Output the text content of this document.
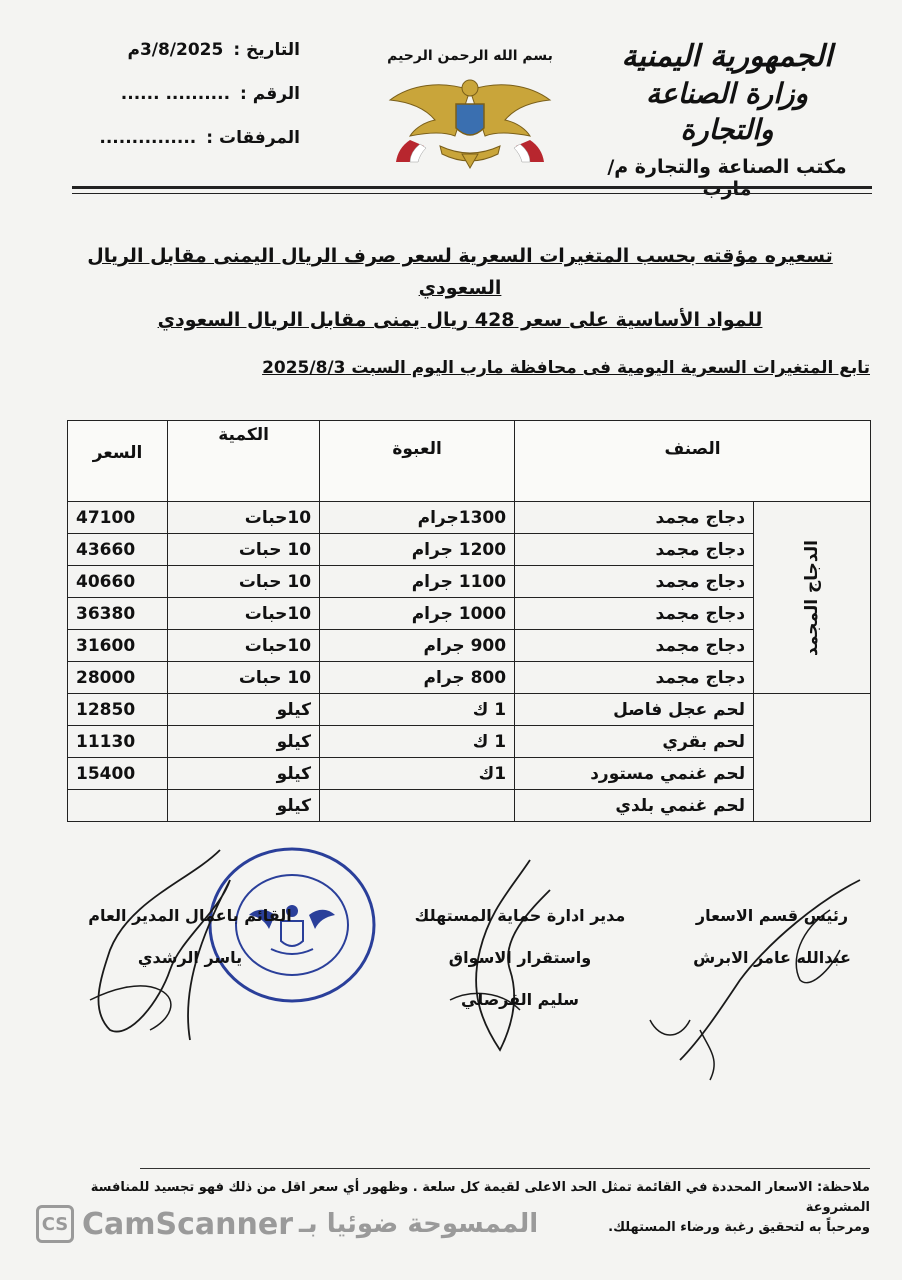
الجمهورية اليمنية
وزارة الصناعة والتجارة
مكتب الصناعة والتجارة م/مارب
بسم الله الرحمن الرحيم
التاريخ :
3/8/2025م
الرقم :
.......... ......
المرفقات :
...............
تسعيره مؤقته بحسب المتغيرات السعرية لسعر صرف الريال اليمنى مقابل الريال السعودي
للمواد الأساسية على سعر 428 ريال يمنى مقابل الريال السعودي
تابع المتغيرات السعرية اليومية فى محافظة مارب اليوم السبت 2025/8/3
الصنف		العبوة	الكمية	السعر
الدجاج المجمد	دجاج مجمد	1300جرام	10حبات	47100
	دجاج مجمد	1200 جرام	10 حبات	43660
	دجاج مجمد	1100 جرام	10 حبات	40660
	دجاج مجمد	1000 جرام	10حبات	36380
	دجاج مجمد	900 جرام	10حبات	31600
	دجاج مجمد	800 جرام	10 حبات	28000
	لحم عجل فاصل	1 ك	كيلو	12850
	لحم بقري	1 ك	كيلو	11130
	لحم غنمي مستورد	1ك	كيلو	15400
	لحم غنمي بلدي		كيلو	
رئيس قسم الاسعار
عبدالله عامر الابرش
مدير ادارة حماية المستهلك
واستقرار الاسواق
سليم القرصلي
القائم باعمال المدير العام
ياسر الرشدي
ملاحظة: الاسعار المحددة في القائمة تمثل الحد الاعلى لقيمة كل سلعة . وظهور أي سعر اقل من ذلك فهو تجسيد للمنافسة المشروعة
ومرحباً به لتحقيق رغبة ورضاء المستهلك.
CS CamScanner الممسوحة ضوئيا بـ
